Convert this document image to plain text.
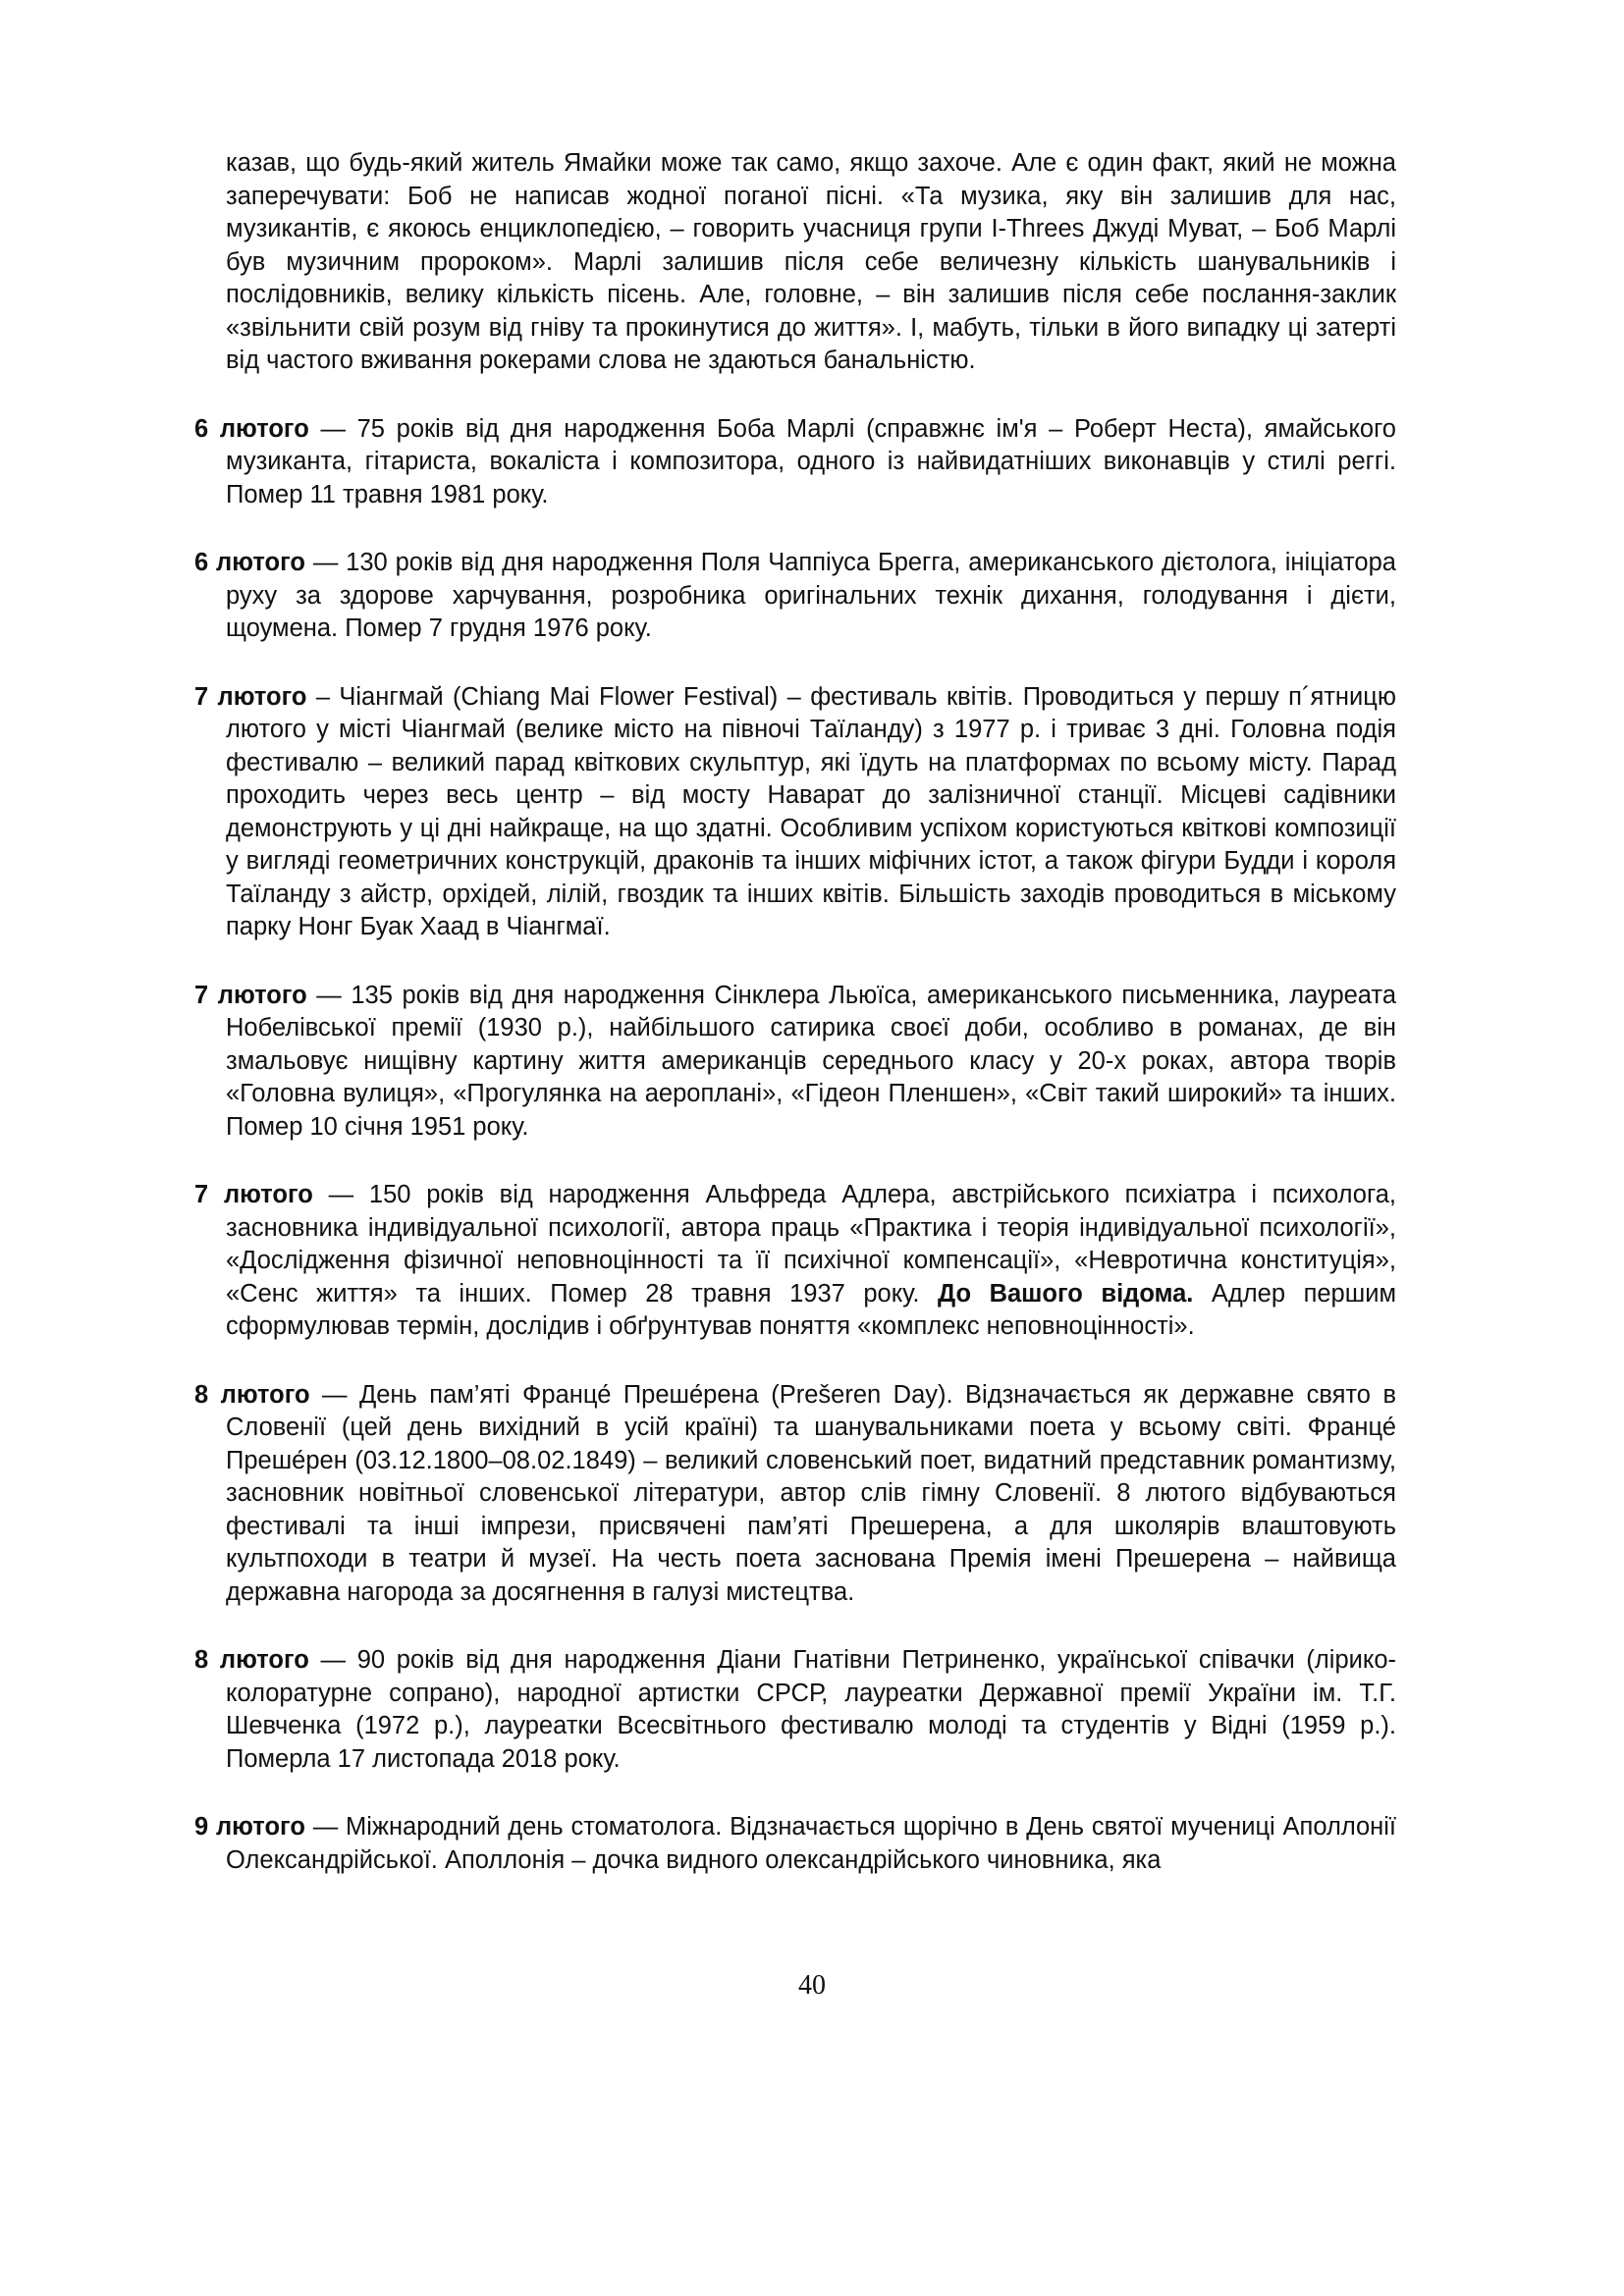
казав, що будь-який житель Ямайки може так само, якщо захоче. Але є один факт, який не можна заперечувати: Боб не написав жодної поганої пісні. «Та музика, яку він залишив для нас, музикантів, є якоюсь енциклопедією, – говорить учасниця групи I-Threes Джуді Муват, – Боб Марлі був музичним пророком». Марлі залишив після себе величезну кількість шанувальників і послідовників, велику кількість пісень. Але, головне, – він залишив після себе послання-заклик «звільнити свій розум від гніву та прокинутися до життя». І, мабуть, тільки в його випадку ці затерті від частого вживання рокерами слова не здаються банальністю.

6 лютого — 75 років від дня народження Боба Марлі (справжнє ім'я – Роберт Неста), ямайського музиканта, гітариста, вокаліста і композитора, одного із найвидатніших виконавців у стилі реггі. Помер 11 травня 1981 року.

6 лютого — 130 років від дня народження Поля Чаппіуса Брегга, американського дієтолога, ініціатора руху за здорове харчування, розробника оригінальних технік дихання, голодування і дієти, щоумена. Помер 7 грудня 1976 року.

7 лютого – Чіангмай (Chiang Mai Flower Festival) – фестиваль квітів. Проводиться у першу п´ятницю лютого у місті Чіангмай (велике місто на півночі Таїланду) з 1977 р. і триває 3 дні. Головна подія фестивалю – великий парад квіткових скульптур, які їдуть на платформах по всьому місту. Парад проходить через весь центр – від мосту Наварат до залізничної станції. Місцеві садівники демонструють у ці дні найкраще, на що здатні. Особливим успіхом користуються квіткові композиції у вигляді геометричних конструкцій, драконів та інших міфічних істот, а також фігури Будди і короля Таїланду з айстр, орхідей, лілій, гвоздик та інших квітів. Більшість заходів проводиться в міському парку Нонг Буак Хаад в Чіангмаї.

7 лютого — 135 років від дня народження Сінклера Льюїса, американського письменника, лауреата Нобелівської премії (1930 р.), найбільшого сатирика своєї доби, особливо в романах, де він змальовує нищівну картину життя американців середнього класу у 20-х роках, автора творів «Головна вулиця», «Прогулянка на аероплані», «Гідеон Пленшен», «Світ такий широкий» та інших. Помер 10 січня 1951 року.

7 лютого — 150 років від народження Альфреда Адлера, австрійського психіатра і психолога, засновника індивідуальної психології, автора праць «Практика і теорія індивідуальної психології», «Дослідження фізичної неповноцінності та її психічної компенсації», «Невротична конституція», «Сенс життя» та інших. Помер 28 травня 1937 року. До Вашого відома. Адлер першим сформулював термін, дослідив і обґрунтував поняття «комплекс неповноцінності».

8 лютого — День пам’яті Франце́ Преше́рена (Prešeren Day). Відзначається як державне свято в Словенії (цей день вихідний в усій країні) та шанувальниками поета у всьому світі. Франце́ Преше́рен (03.12.1800–08.02.1849) – великий словенський поет, видатний представник романтизму, засновник новітньої словенської літератури, автор слів гімну Словенії. 8 лютого відбуваються фестивалі та інші імпрези, присвячені пам’яті Прешерена, а для школярів влаштовують культпоходи в театри й музеї. На честь поета заснована Премія імені Прешерена – найвища державна нагорода за досягнення в галузі мистецтва.

8 лютого — 90 років від дня народження Діани Гнатівни Петриненко, української співачки (лірико-колоратурне сопрано), народної артистки СРСР, лауреатки Державної премії України ім. Т.Г. Шевченка (1972 р.), лауреатки Всесвітнього фестивалю молоді та студентів у Відні (1959 р.). Померла 17 листопада 2018 року.

9 лютого — Міжнародний день стоматолога. Відзначається щорічно в День святої мучениці Аполлонії Олександрійської. Аполлонія – дочка видного олександрійського чиновника, яка

40
